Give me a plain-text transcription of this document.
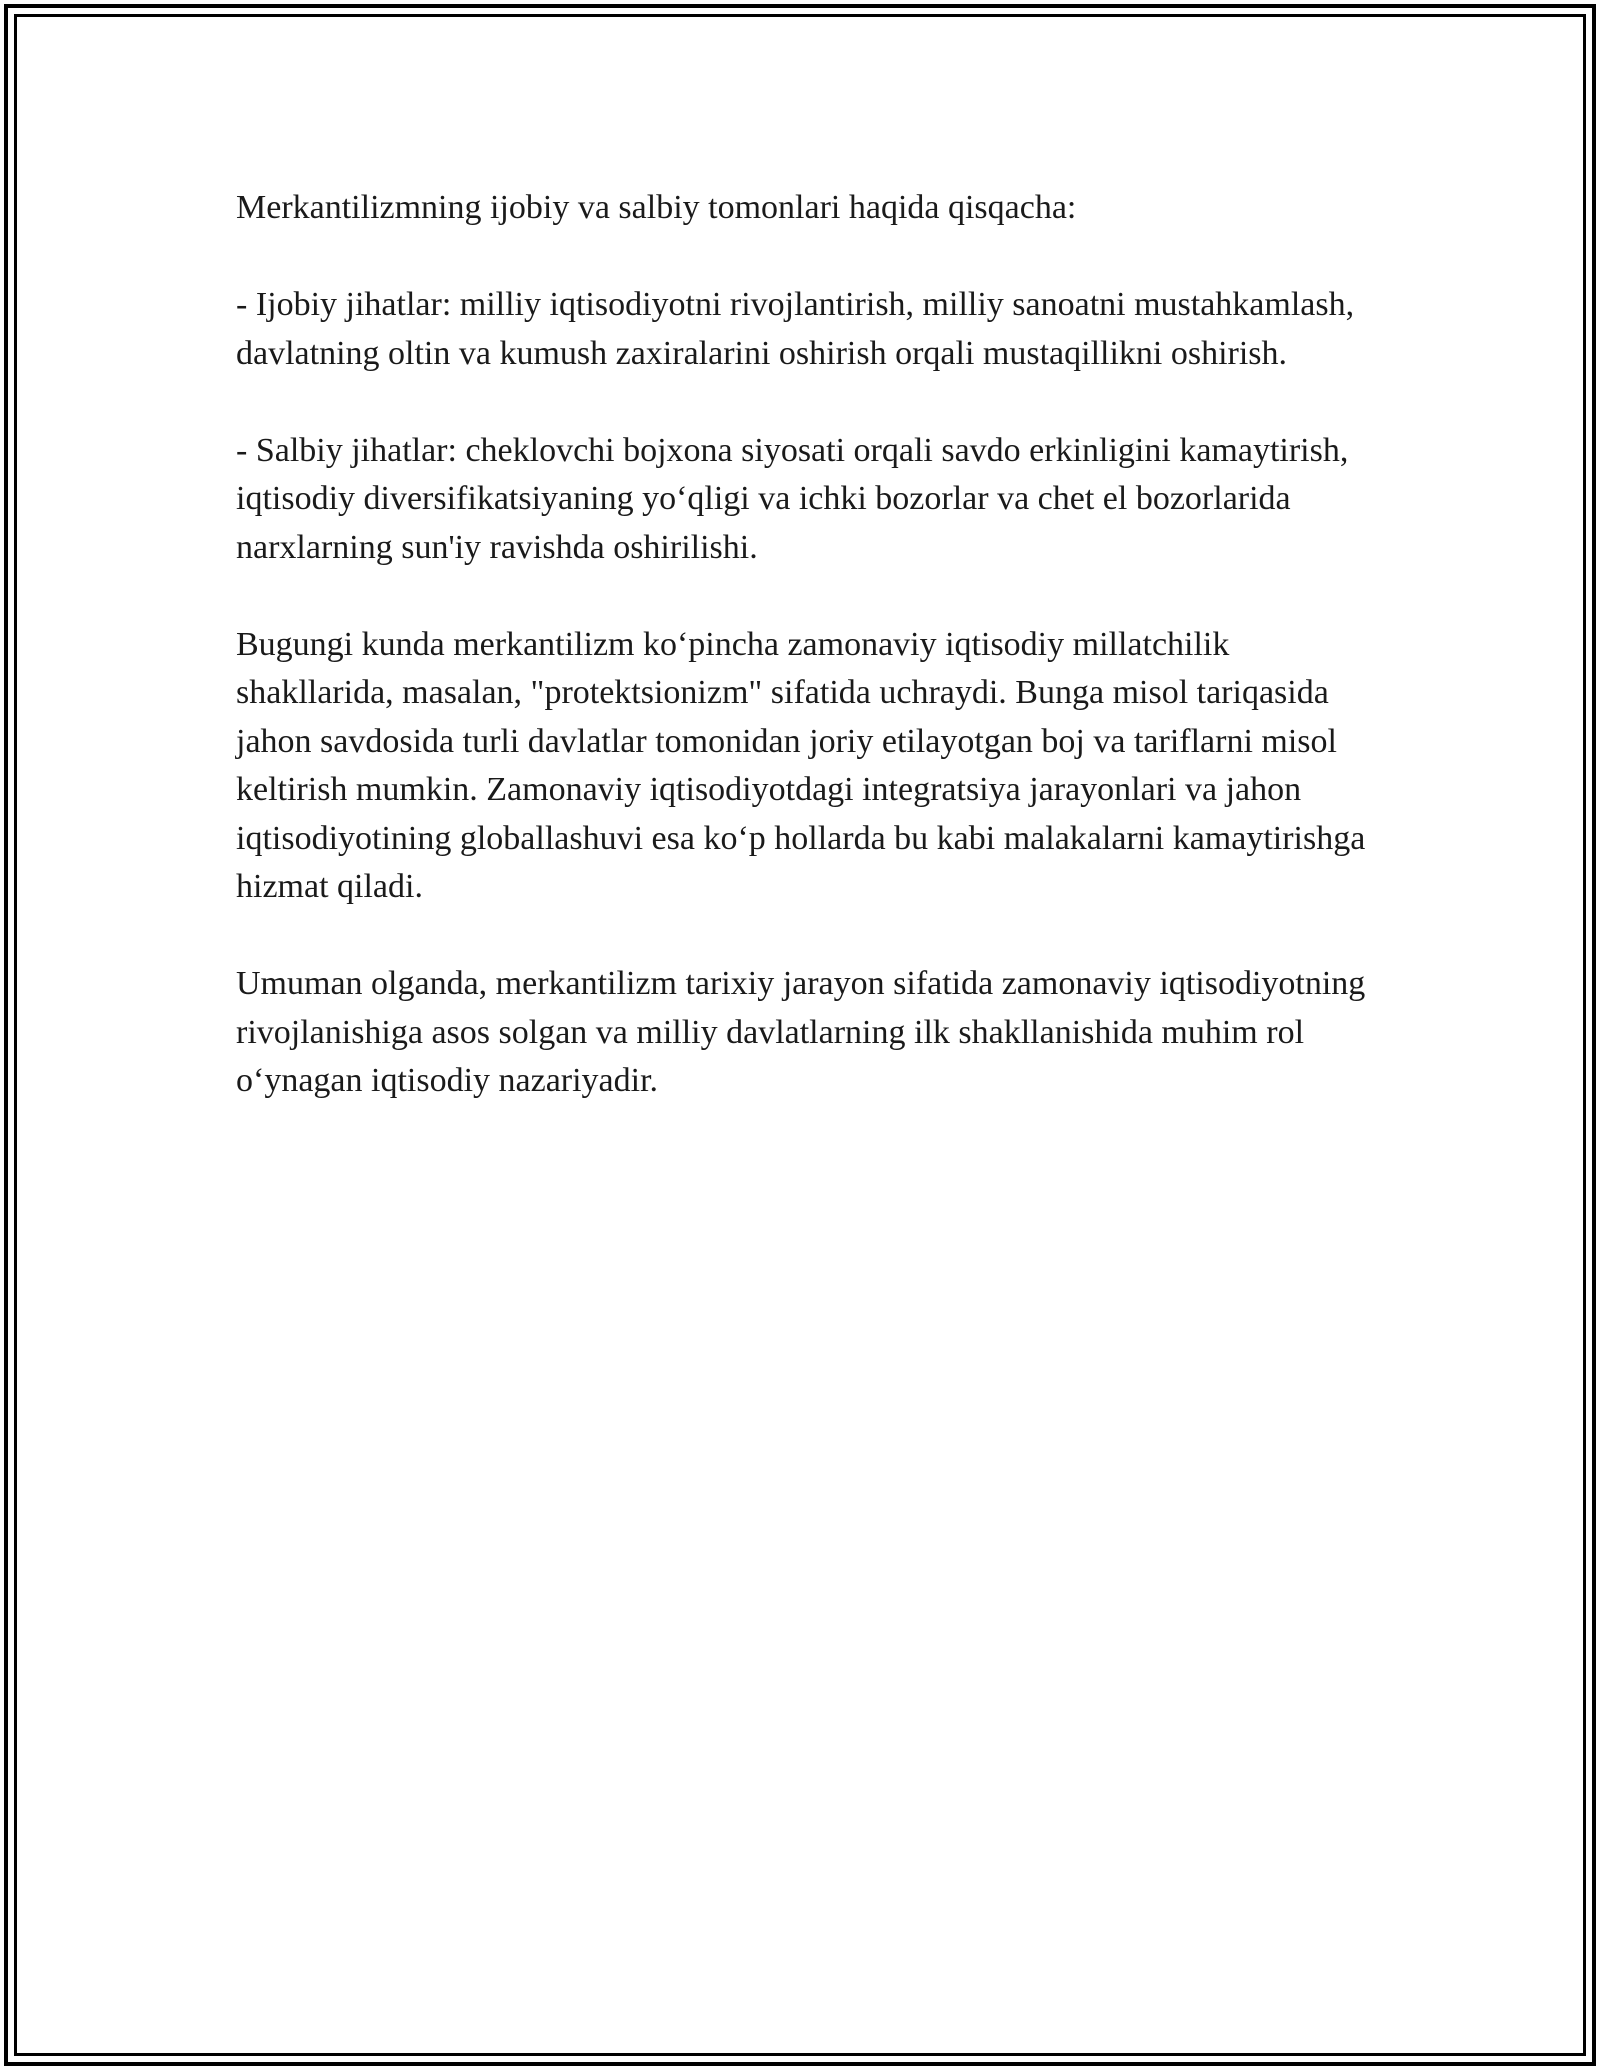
Merkantilizmning ijobiy va salbiy tomonlari haqida qisqacha:

- Ijobiy jihatlar: milliy iqtisodiyotni rivojlantirish, milliy sanoatni mustahkamlash, davlatning oltin va kumush zaxiralarini oshirish orqali mustaqillikni oshirish.

- Salbiy jihatlar: cheklovchi bojxona siyosati orqali savdo erkinligini kamaytirish, iqtisodiy diversifikatsiyaning yo‘qligi va ichki bozorlar va chet el bozorlarida narxlarning sun'iy ravishda oshirilishi.

Bugungi kunda merkantilizm ko‘pincha zamonaviy iqtisodiy millatchilik shakllarida, masalan, "protektsionizm" sifatida uchraydi. Bunga misol tariqasida jahon savdosida turli davlatlar tomonidan joriy etilayotgan boj va tariflarni misol keltirish mumkin. Zamonaviy iqtisodiyotdagi integratsiya jarayonlari va jahon iqtisodiyotining globallashuvi esa ko‘p hollarda bu kabi malakalarni kamaytirishga hizmat qiladi.

Umuman olganda, merkantilizm tarixiy jarayon sifatida zamonaviy iqtisodiyotning rivojlanishiga asos solgan va milliy davlatlarning ilk shakllanishida muhim rol o‘ynagan iqtisodiy nazariyadir.
